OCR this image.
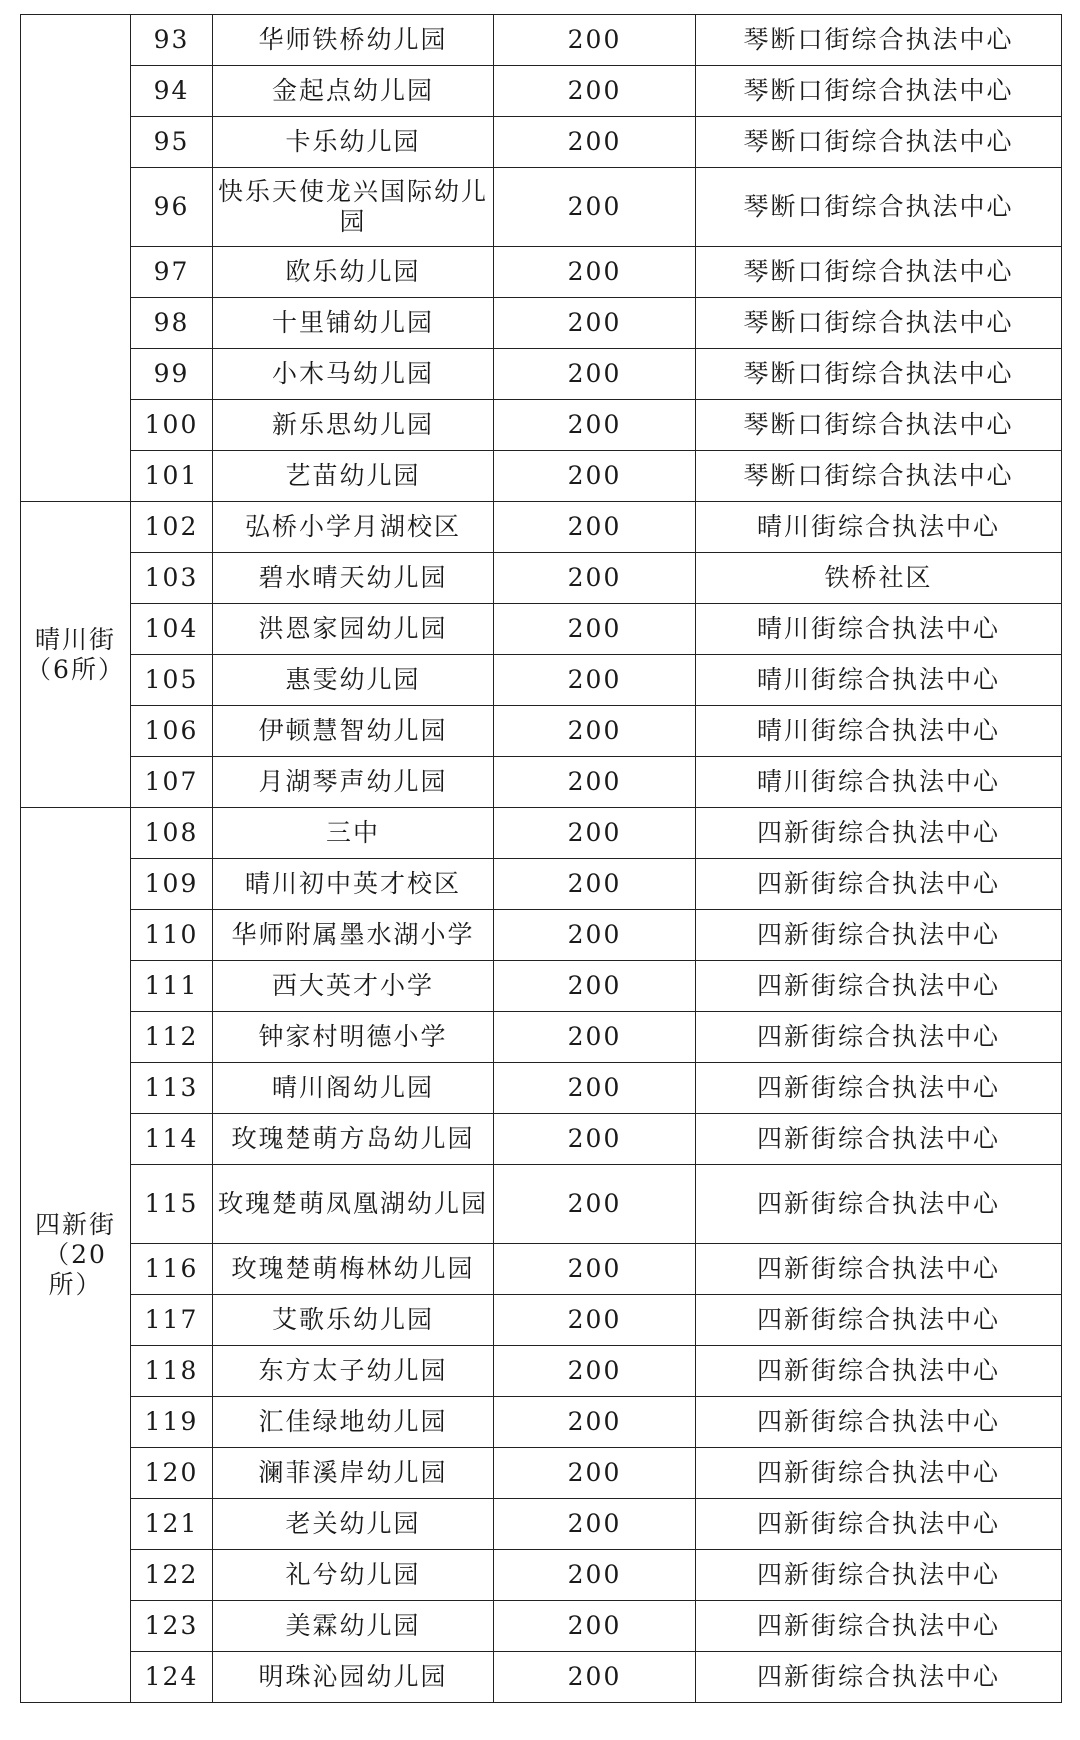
	93	华师铁桥幼儿园	200	琴断口街综合执法中心
	94	金起点幼儿园	200	琴断口街综合执法中心
	95	卡乐幼儿园	200	琴断口街综合执法中心
	96	快乐天使龙兴国际幼儿园	200	琴断口街综合执法中心
	97	欧乐幼儿园	200	琴断口街综合执法中心
	98	十里铺幼儿园	200	琴断口街综合执法中心
	99	小木马幼儿园	200	琴断口街综合执法中心
	100	新乐思幼儿园	200	琴断口街综合执法中心
	101	艺苗幼儿园	200	琴断口街综合执法中心
晴川街（6所）	102	弘桥小学月湖校区	200	晴川街综合执法中心
	103	碧水晴天幼儿园	200	铁桥社区
	104	洪恩家园幼儿园	200	晴川街综合执法中心
	105	惠雯幼儿园	200	晴川街综合执法中心
	106	伊顿慧智幼儿园	200	晴川街综合执法中心
	107	月湖琴声幼儿园	200	晴川街综合执法中心
四新街（20所）	108	三中	200	四新街综合执法中心
	109	晴川初中英才校区	200	四新街综合执法中心
	110	华师附属墨水湖小学	200	四新街综合执法中心
	111	西大英才小学	200	四新街综合执法中心
	112	钟家村明德小学	200	四新街综合执法中心
	113	晴川阁幼儿园	200	四新街综合执法中心
	114	玫瑰楚萌方岛幼儿园	200	四新街综合执法中心
	115	玫瑰楚萌凤凰湖幼儿园	200	四新街综合执法中心
	116	玫瑰楚萌梅林幼儿园	200	四新街综合执法中心
	117	艾歌乐幼儿园	200	四新街综合执法中心
	118	东方太子幼儿园	200	四新街综合执法中心
	119	汇佳绿地幼儿园	200	四新街综合执法中心
	120	澜菲溪岸幼儿园	200	四新街综合执法中心
	121	老关幼儿园	200	四新街综合执法中心
	122	礼兮幼儿园	200	四新街综合执法中心
	123	美霖幼儿园	200	四新街综合执法中心
	124	明珠沁园幼儿园	200	四新街综合执法中心
